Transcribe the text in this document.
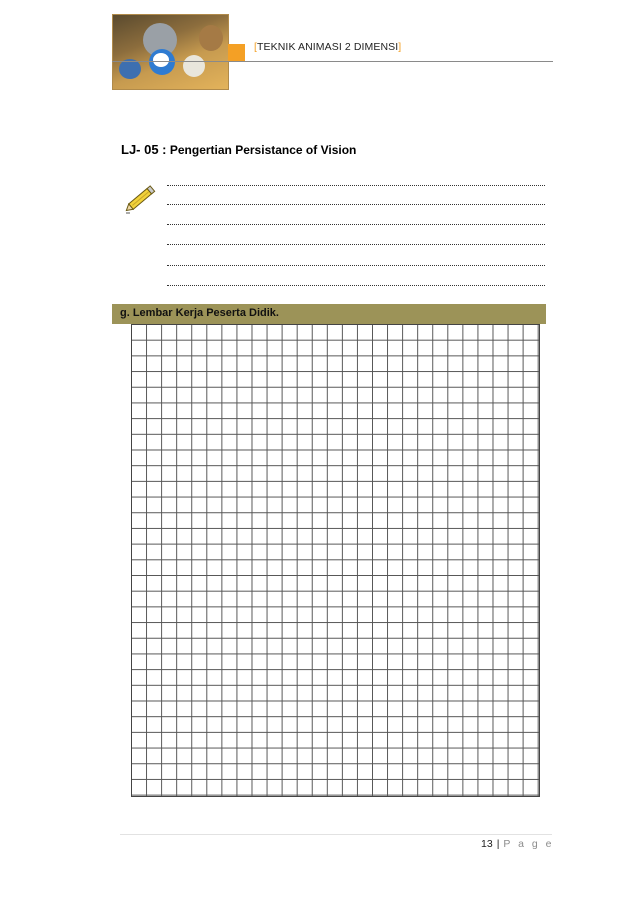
[TEKNIK ANIMASI 2 DIMENSI]
LJ- 05 : Pengertian Persistance of Vision
g. Lembar Kerja Peserta Didik.
13 | P a g e
